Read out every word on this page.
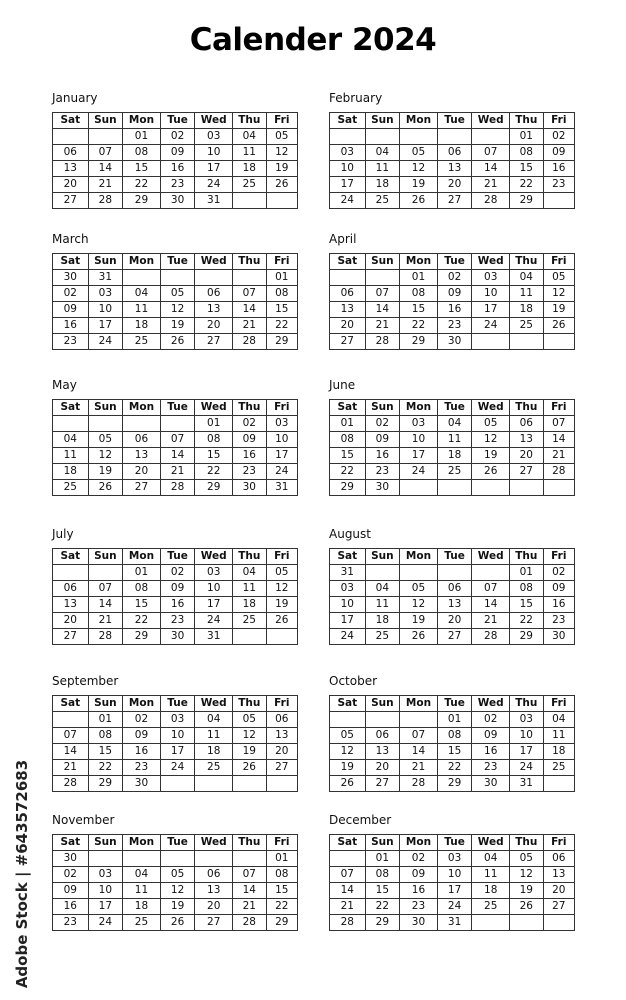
Calender 2024
January
Sat	Sun	Mon	Tue	Wed	Thu	Fri
		01	02	03	04	05
06	07	08	09	10	11	12
13	14	15	16	17	18	19
20	21	22	23	24	25	26
27	28	29	30	31		
February
Sat	Sun	Mon	Tue	Wed	Thu	Fri
					01	02
03	04	05	06	07	08	09
10	11	12	13	14	15	16
17	18	19	20	21	22	23
24	25	26	27	28	29	
March
Sat	Sun	Mon	Tue	Wed	Thu	Fri
30	31					01
02	03	04	05	06	07	08
09	10	11	12	13	14	15
16	17	18	19	20	21	22
23	24	25	26	27	28	29
April
Sat	Sun	Mon	Tue	Wed	Thu	Fri
		01	02	03	04	05
06	07	08	09	10	11	12
13	14	15	16	17	18	19
20	21	22	23	24	25	26
27	28	29	30			
May
Sat	Sun	Mon	Tue	Wed	Thu	Fri
				01	02	03
04	05	06	07	08	09	10
11	12	13	14	15	16	17
18	19	20	21	22	23	24
25	26	27	28	29	30	31
June
Sat	Sun	Mon	Tue	Wed	Thu	Fri
01	02	03	04	05	06	07
08	09	10	11	12	13	14
15	16	17	18	19	20	21
22	23	24	25	26	27	28
29	30					
July
Sat	Sun	Mon	Tue	Wed	Thu	Fri
		01	02	03	04	05
06	07	08	09	10	11	12
13	14	15	16	17	18	19
20	21	22	23	24	25	26
27	28	29	30	31		
August
Sat	Sun	Mon	Tue	Wed	Thu	Fri
31					01	02
03	04	05	06	07	08	09
10	11	12	13	14	15	16
17	18	19	20	21	22	23
24	25	26	27	28	29	30
September
Sat	Sun	Mon	Tue	Wed	Thu	Fri
	01	02	03	04	05	06
07	08	09	10	11	12	13
14	15	16	17	18	19	20
21	22	23	24	25	26	27
28	29	30				
October
Sat	Sun	Mon	Tue	Wed	Thu	Fri
			01	02	03	04
05	06	07	08	09	10	11
12	13	14	15	16	17	18
19	20	21	22	23	24	25
26	27	28	29	30	31	
November
Sat	Sun	Mon	Tue	Wed	Thu	Fri
30						01
02	03	04	05	06	07	08
09	10	11	12	13	14	15
16	17	18	19	20	21	22
23	24	25	26	27	28	29
December
Sat	Sun	Mon	Tue	Wed	Thu	Fri
	01	02	03	04	05	06
07	08	09	10	11	12	13
14	15	16	17	18	19	20
21	22	23	24	25	26	27
28	29	30	31			
Adobe Stock | #643572683
